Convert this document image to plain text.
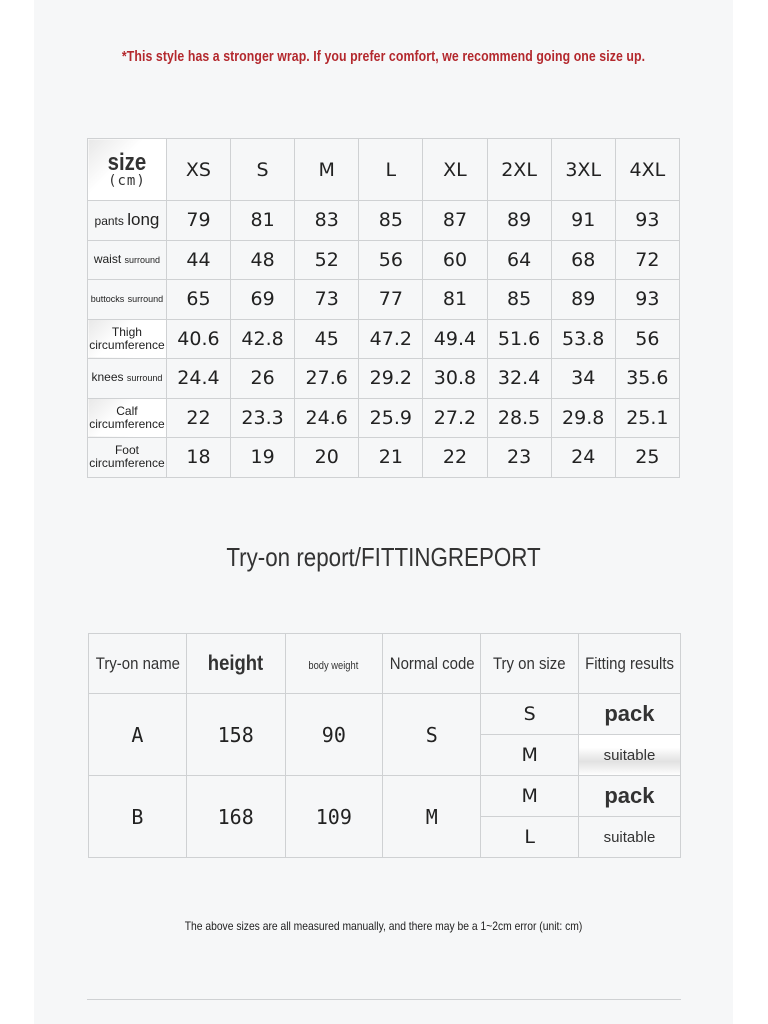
*This style has a stronger wrap. If you prefer comfort, we recommend going one size up.
size
(cm)	XS	S	M	L	XL	2XL	3XL	4XL
pants long	79	81	83	85	87	89	91	93
waist surround	44	48	52	56	60	64	68	72
buttocks surround	65	69	73	77	81	85	89	93
Thigh
circumference	40.6	42.8	45	47.2	49.4	51.6	53.8	56
knees surround	24.4	26	27.6	29.2	30.8	32.4	34	35.6
Calf
circumference	22	23.3	24.6	25.9	27.2	28.5	29.8	25.1
Foot
circumference	18	19	20	21	22	23	24	25
Try-on report/FITTINGREPORT
Try-on name	height	body weight	Normal code	Try on size	Fitting results
A	158	90	S	S	pack
				M	suitable
B	168	109	M	M	pack
				L	suitable
The above sizes are all measured manually, and there may be a 1~2cm error (unit: cm)
